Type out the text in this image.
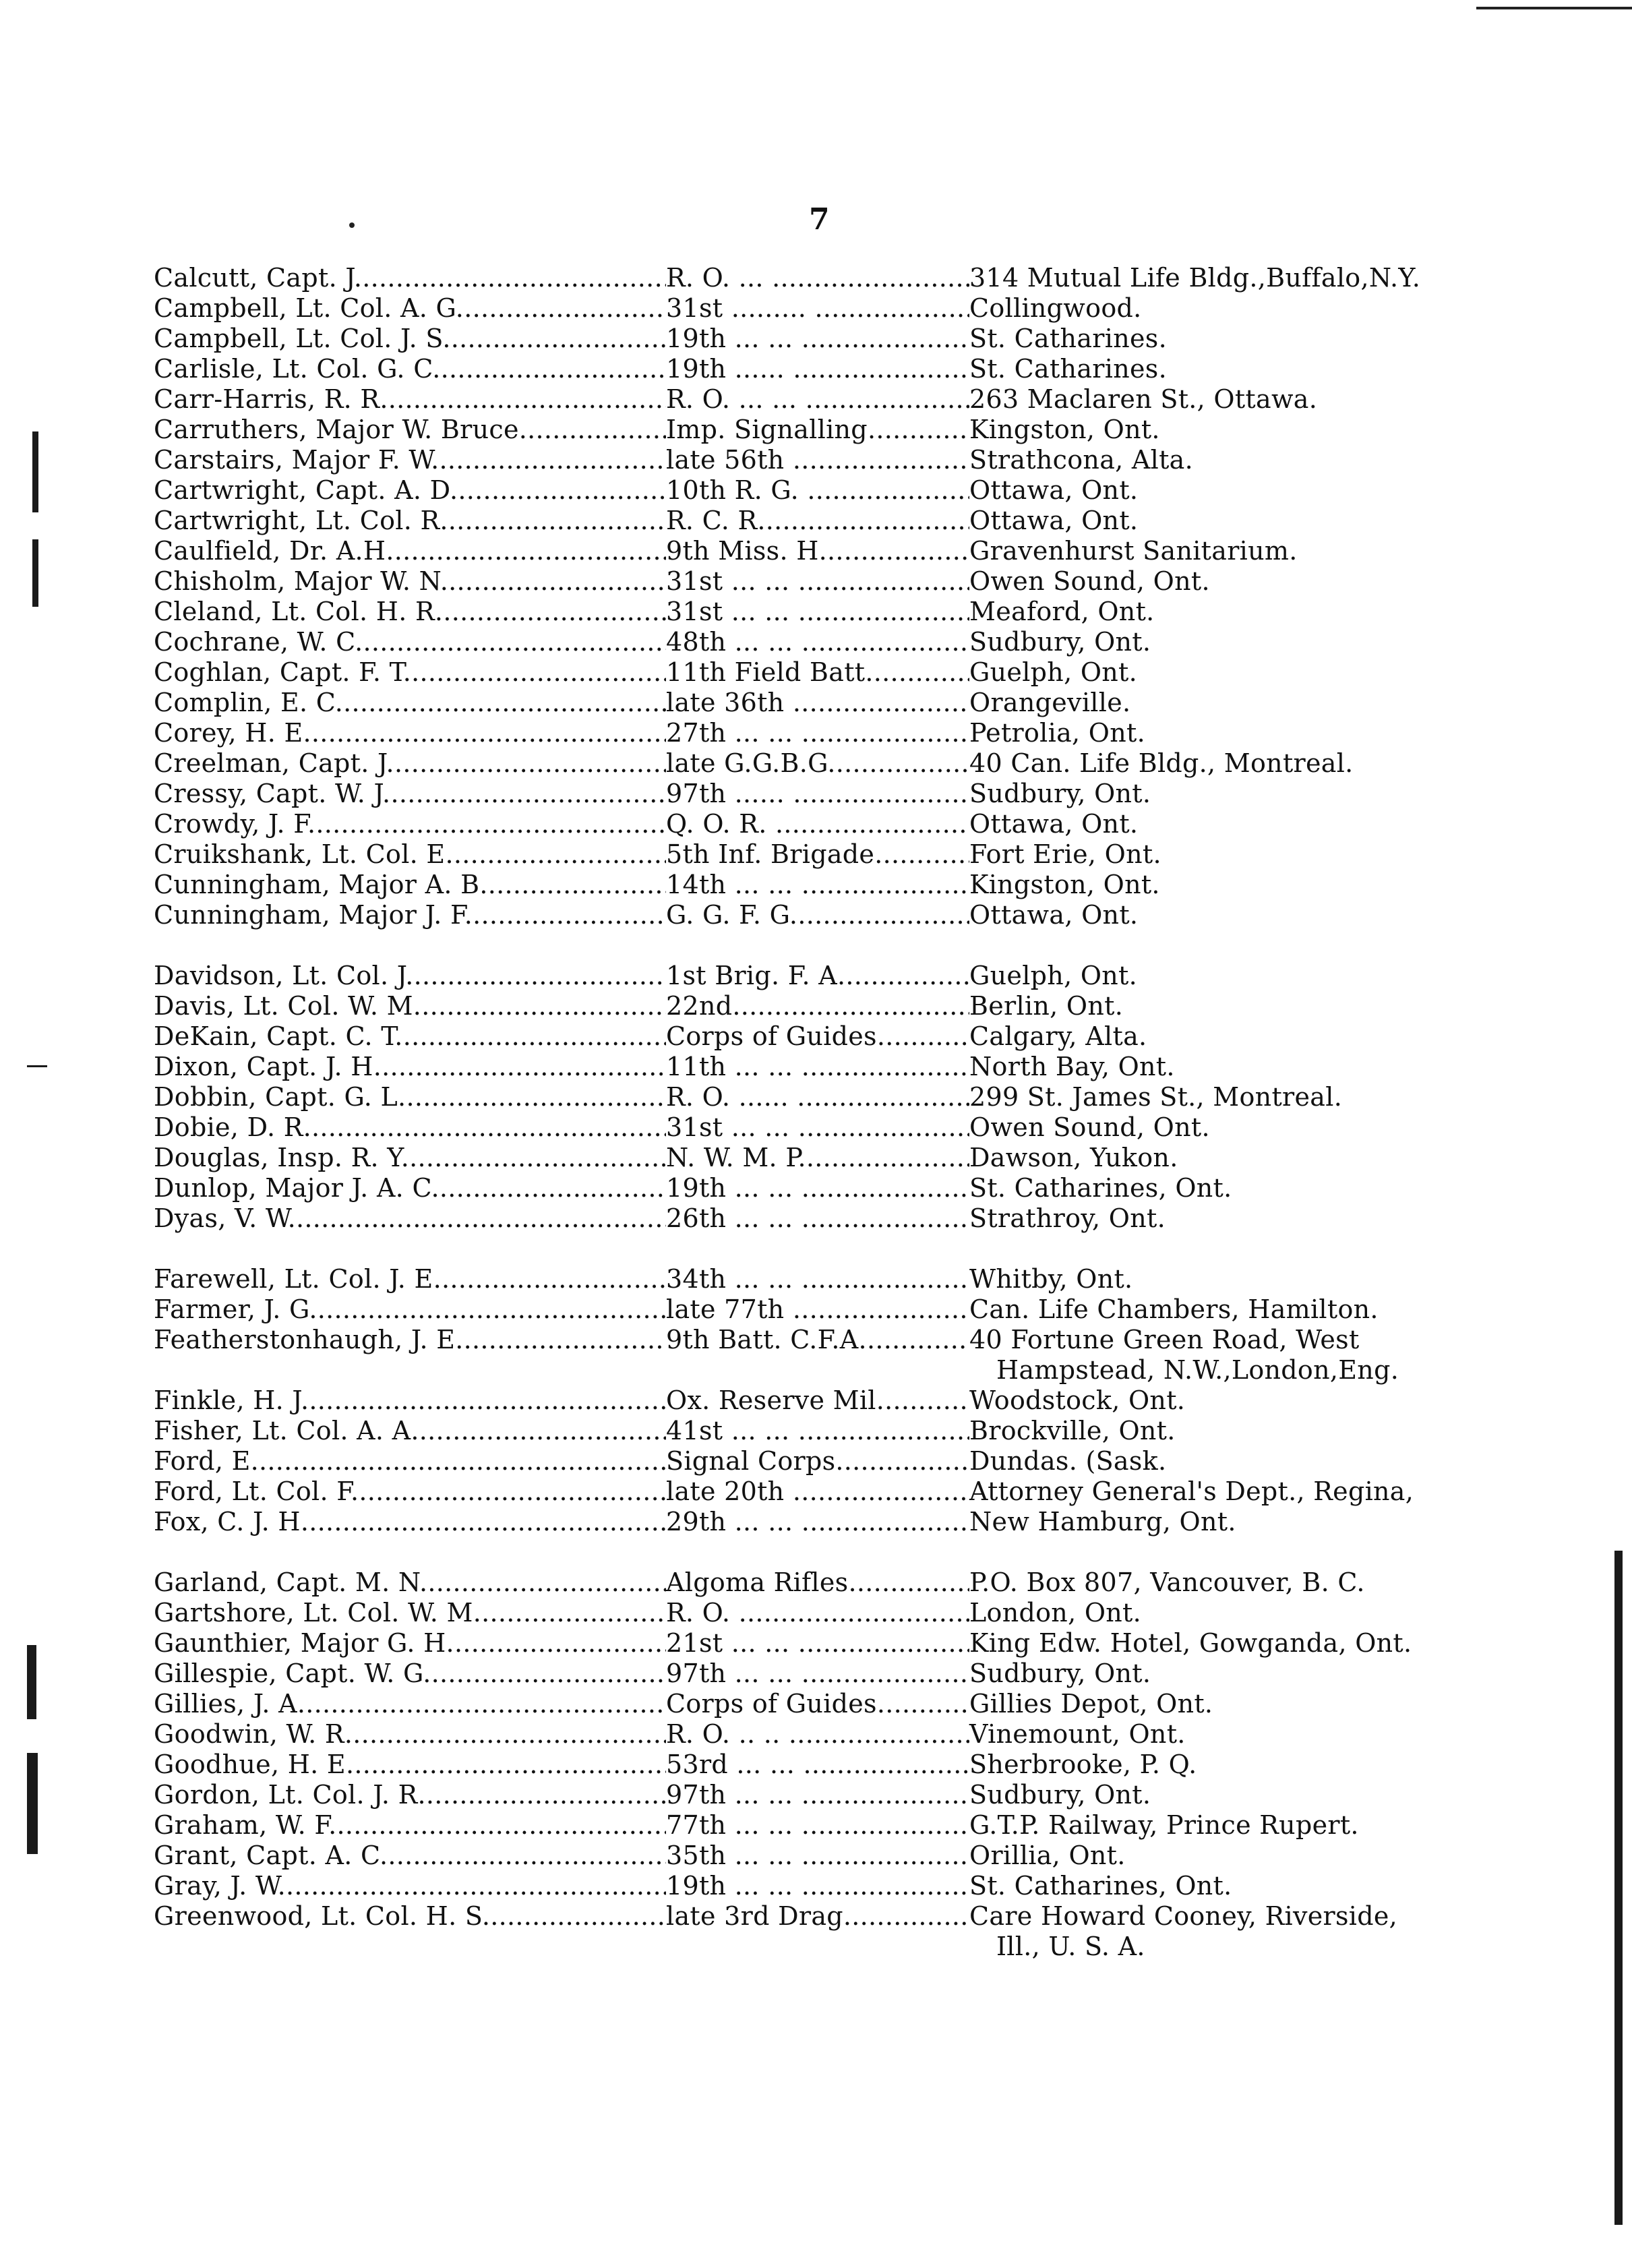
7
Calcutt, Capt. J. .....	R. O. ... ... .....	314 Mutual Life Bldg.,Buffalo,N.Y.
Campbell, Lt. Col. A. G. .....	31st ......... ... .....	Collingwood.
Campbell, Lt. Col. J. S. .....	19th ... ... ... .....	St. Catharines.
Carlisle, Lt. Col. G. C. .....	19th ...... ...... .....	St. Catharines.
Carr-Harris, R. R. .....	R. O. ... ... ... .....	263 Maclaren St., Ottawa.
Carruthers, Major W. Bruce .....	Imp. Signalling .....	Kingston, Ont.
Carstairs, Major F. W. .....	late 56th ... .....	Strathcona, Alta.
Cartwright, Capt. A. D. .....	10th R. G. ... .....	Ottawa, Ont.
Cartwright, Lt. Col. R. .....	R. C. R. .....	Ottawa, Ont.
Caulfield, Dr. A.H. .....	9th Miss. H. .....	Gravenhurst Sanitarium.
Chisholm, Major W. N. .....	31st ... ... ... .....	Owen Sound, Ont.
Cleland, Lt. Col. H. R. .....	31st ... ... ... .....	Meaford, Ont.
Cochrane, W. C. .....	48th ... ... ... .....	Sudbury, Ont.
Coghlan, Capt. F. T. .....	11th Field Batt .....	Guelph, Ont.
Complin, E. C. .....	late 36th ... .....	Orangeville.
Corey, H. E. .....	27th ... ... ... .....	Petrolia, Ont.
Creelman, Capt. J. .....	late G.G.B.G. .....	40 Can. Life Bldg., Montreal.
Cressy, Capt. W. J. .....	97th ...... ...... .....	Sudbury, Ont.
Crowdy, J. F. .....	Q. O. R. ... .....	Ottawa, Ont.
Cruikshank, Lt. Col. E. .....	5th Inf. Brigade .....	Fort Erie, Ont.
Cunningham, Major A. B. .....	14th ... ... ... .....	Kingston, Ont.
Cunningham, Major J. F. .....	G. G. F. G. .....	Ottawa, Ont.
Davidson, Lt. Col. J. .....	1st Brig. F. A. .....	Guelph, Ont.
Davis, Lt. Col. W. M. .....	22nd .....	Berlin, Ont.
DeKain, Capt. C. T. .....	Corps of Guides .....	Calgary, Alta.
Dixon, Capt. J. H. .....	11th ... ... ... .....	North Bay, Ont.
Dobbin, Capt. G. L. .....	R. O. ...... ...... .....	299 St. James St., Montreal.
Dobie, D. R. .....	31st ... ... ... .....	Owen Sound, Ont.
Douglas, Insp. R. Y. .....	N. W. M. P. .....	Dawson, Yukon.
Dunlop, Major J. A. C. .....	19th ... ... ... .....	St. Catharines, Ont.
Dyas, V. W. .....	26th ... ... ... .....	Strathroy, Ont.
Farewell, Lt. Col. J. E. .....	34th ... ... ... .....	Whitby, Ont.
Farmer, J. G. .....	late 77th ... .....	Can. Life Chambers, Hamilton.
Featherstonhaugh, J. E. .....	9th Batt. C.F.A. .....	40 Fortune Green Road, West
Hampstead, N.W.,London,Eng.
Finkle, H. J. .....	Ox. Reserve Mil .....	Woodstock, Ont.
Fisher, Lt. Col. A. A. .....	41st ... ... ... .....	Brockville, Ont.
Ford, E. .....	Signal Corps .....	Dundas. (Sask.
Ford, Lt. Col. F. .....	late 20th ... .....	Attorney General's Dept., Regina,
Fox, C. J. H. .....	29th ... ... ... .....	New Hamburg, Ont.
Garland, Capt. M. N. .....	Algoma Rifles .....	P.O. Box 807, Vancouver, B. C.
Gartshore, Lt. Col. W. M. .....	R. O. ...... .....	London, Ont.
Gaunthier, Major G. H. .....	21st ... ... ... .....	King Edw. Hotel, Gowganda, Ont.
Gillespie, Capt. W. G. .....	97th ... ... ... .....	Sudbury, Ont.
Gillies, J. A. .....	Corps of Guides .....	Gillies Depot, Ont.
Goodwin, W. R. .....	R. O. .. .. .. .....	Vinemount, Ont.
Goodhue, H. E. .....	53rd ... ... ... .....	Sherbrooke, P. Q.
Gordon, Lt. Col. J. R. .....	97th ... ... ... .....	Sudbury, Ont.
Graham, W. F. .....	77th ... ... ... .....	G.T.P. Railway, Prince Rupert.
Grant, Capt. A. C. .....	35th ... ... ... .....	Orillia, Ont.
Gray, J. W. .....	19th ... ... ... .....	St. Catharines, Ont.
Greenwood, Lt. Col. H. S. .....	late 3rd Drag. .....	Care Howard Cooney, Riverside,
Ill., U. S. A.
